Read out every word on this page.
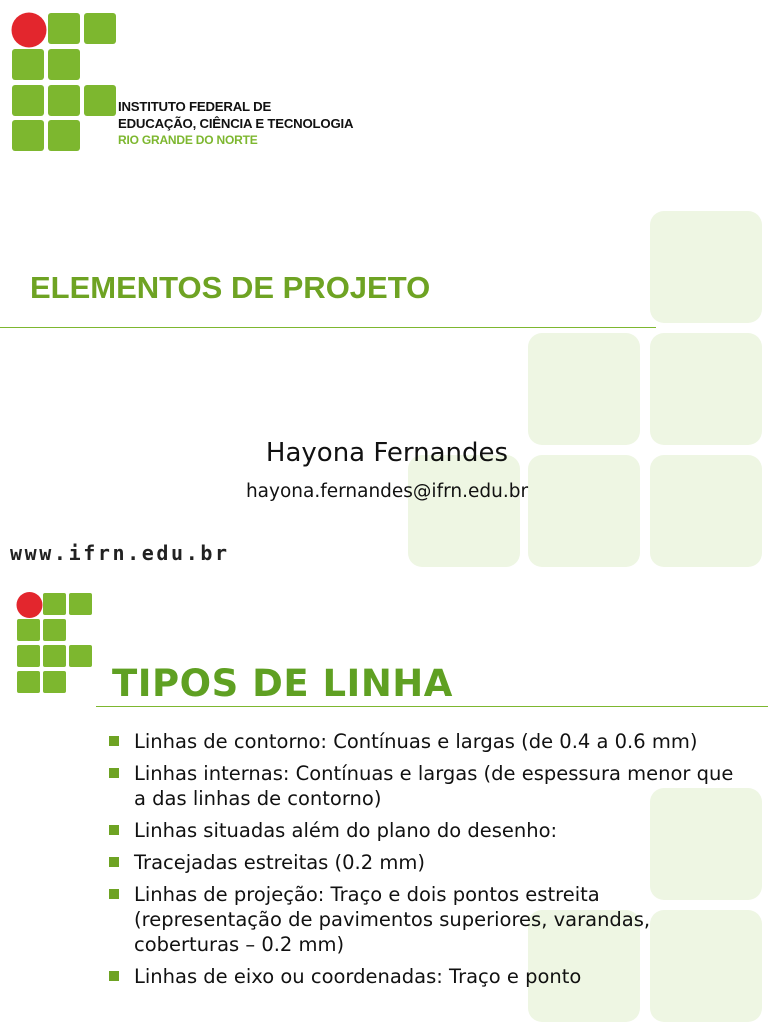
INSTITUTO FEDERAL DE
EDUCAÇÃO, CIÊNCIA E TECNOLOGIA
RIO GRANDE DO NORTE
ELEMENTOS DE PROJETO
Hayona Fernandes
hayona.fernandes@ifrn.edu.br
www.ifrn.edu.br
TIPOS DE LINHA
Linhas de contorno: Contínuas e largas (de 0.4 a 0.6 mm)
Linhas internas: Contínuas e largas (de espessura menor que a das linhas de contorno)
Linhas situadas além do plano do desenho:
Tracejadas estreitas (0.2 mm)
Linhas de projeção: Traço e dois pontos estreita (representação de pavimentos superiores, varandas, coberturas – 0.2 mm)
Linhas de eixo ou coordenadas: Traço e ponto
